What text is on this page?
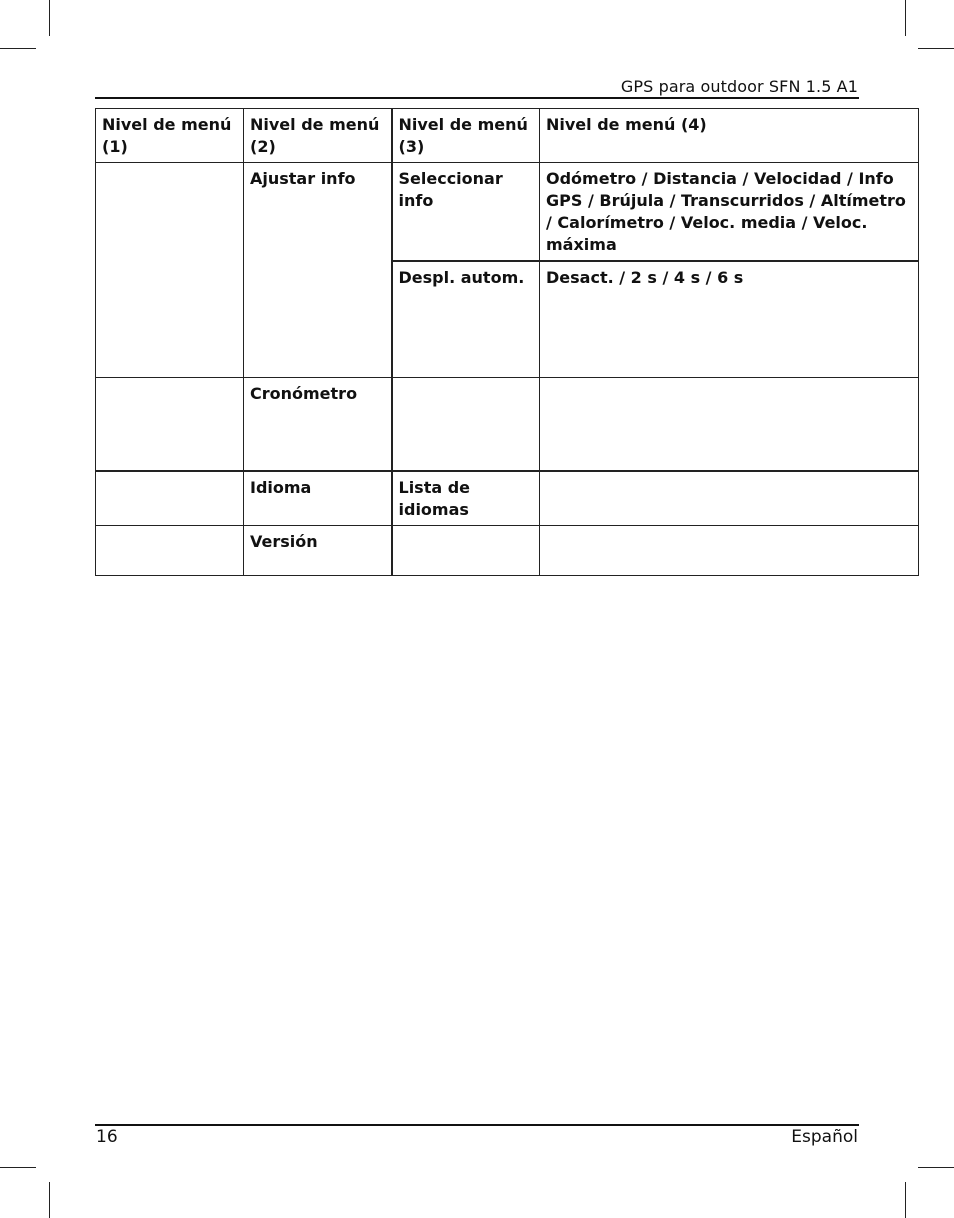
GPS para outdoor SFN 1.5 A1
Nivel de menú (1)	Nivel de menú (2)	Nivel de menú (3)	Nivel de menú (4)
	Ajustar info	Seleccionar info	Odómetro / Distancia / Velocidad / Info GPS / Brújula / Transcurridos / Altímetro / Calorímetro / Veloc. media / Veloc. máxima
		Despl. autom.	Desact. / 2 s / 4 s / 6 s
	Cronómetro		
	Idioma	Lista de idiomas	
	Versión		
16	Español
